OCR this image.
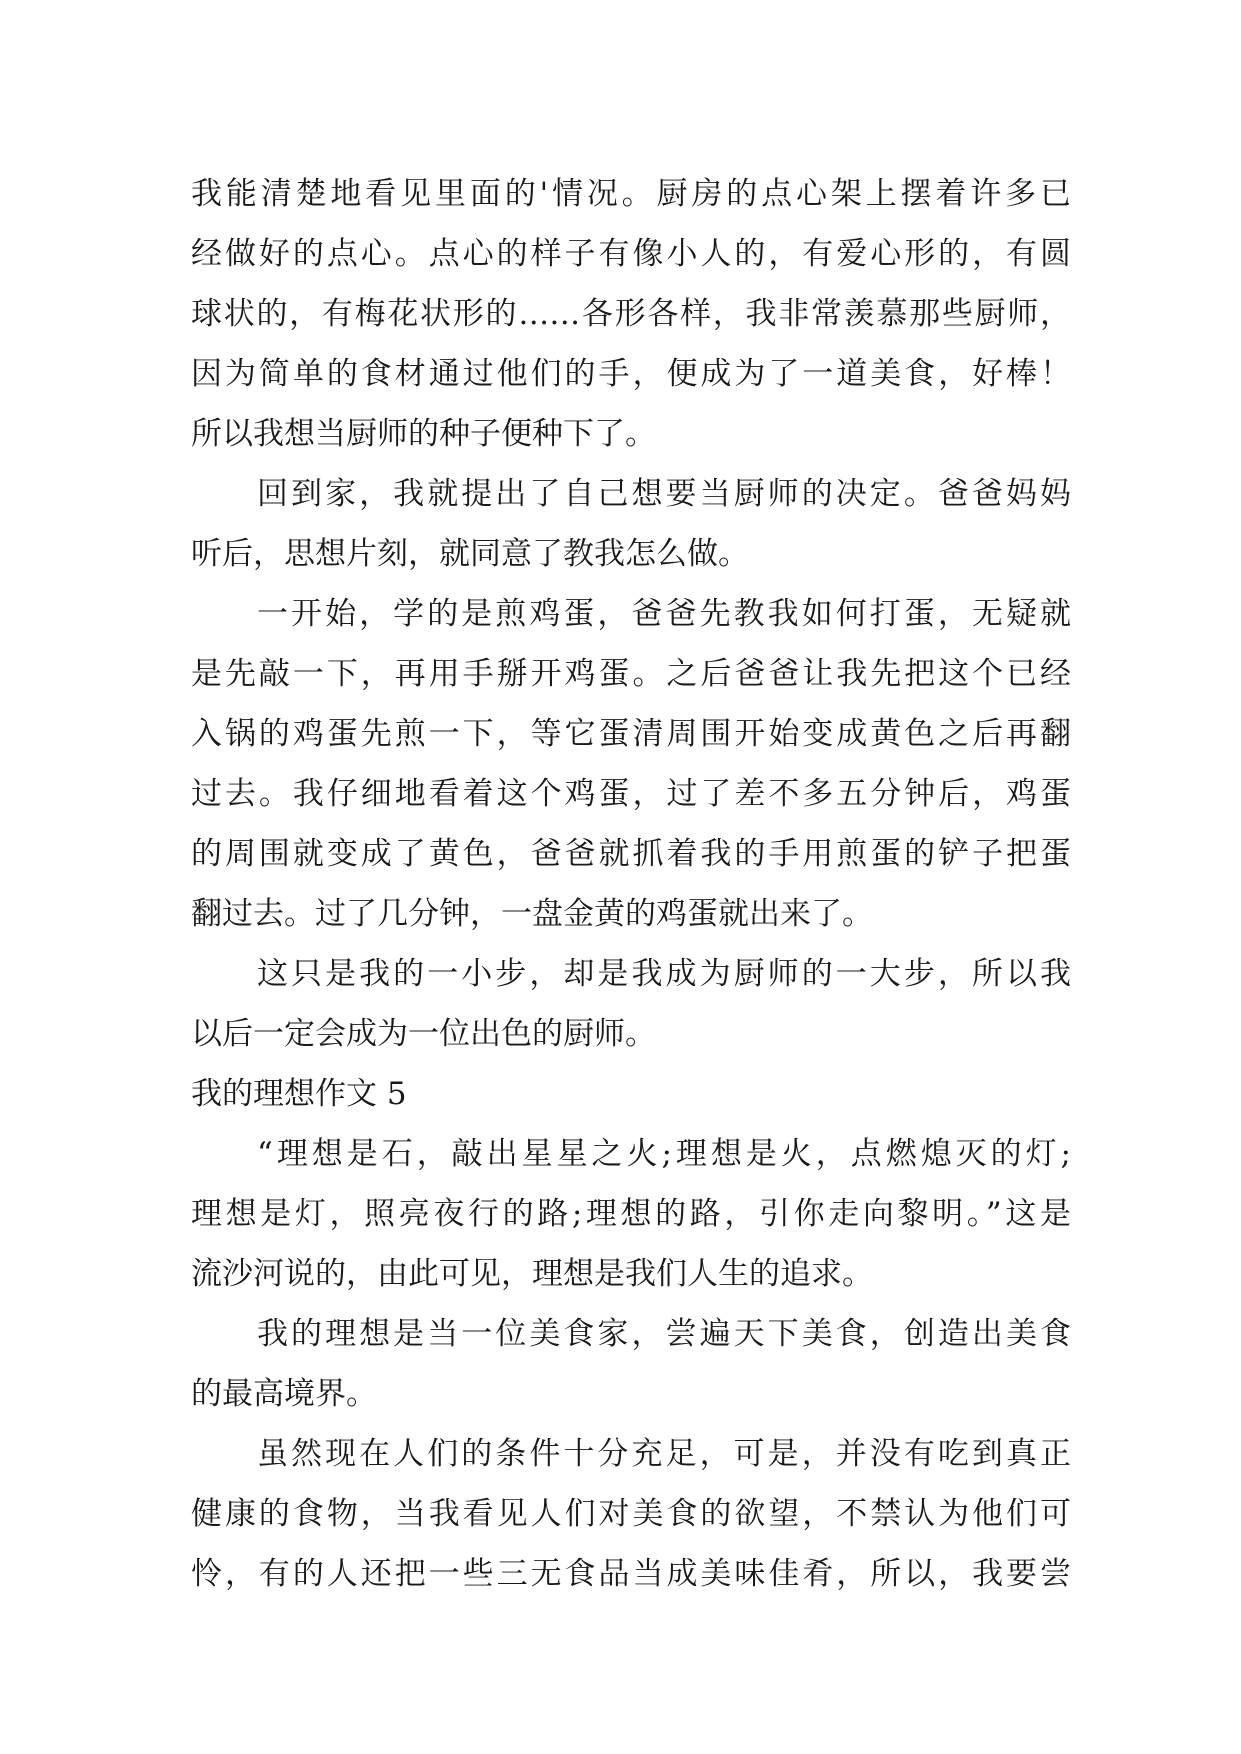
我能清楚地看见里面的'情况。厨房的点心架上摆着许多已
经做好的点心。点心的样子有像小人的，有爱心形的，有圆
球状的，有梅花状形的……各形各样，我非常羡慕那些厨师，
因为简单的食材通过他们的手，便成为了一道美食，好棒！
所以我想当厨师的种子便种下了。
回到家，我就提出了自己想要当厨师的决定。爸爸妈妈
听后，思想片刻，就同意了教我怎么做。
一开始，学的是煎鸡蛋，爸爸先教我如何打蛋，无疑就
是先敲一下，再用手掰开鸡蛋。之后爸爸让我先把这个已经
入锅的鸡蛋先煎一下，等它蛋清周围开始变成黄色之后再翻
过去。我仔细地看着这个鸡蛋，过了差不多五分钟后，鸡蛋
的周围就变成了黄色，爸爸就抓着我的手用煎蛋的铲子把蛋
翻过去。过了几分钟，一盘金黄的鸡蛋就出来了。
这只是我的一小步，却是我成为厨师的一大步，所以我
以后一定会成为一位出色的厨师。
我的理想作文 5
“理想是石，敲出星星之火;理想是火，点燃熄灭的灯;
理想是灯，照亮夜行的路;理想的路，引你走向黎明。”这是
流沙河说的，由此可见，理想是我们人生的追求。
我的理想是当一位美食家，尝遍天下美食，创造出美食
的最高境界。
虽然现在人们的条件十分充足，可是，并没有吃到真正
健康的食物，当我看见人们对美食的欲望，不禁认为他们可
怜，有的人还把一些三无食品当成美味佳肴，所以，我要尝
